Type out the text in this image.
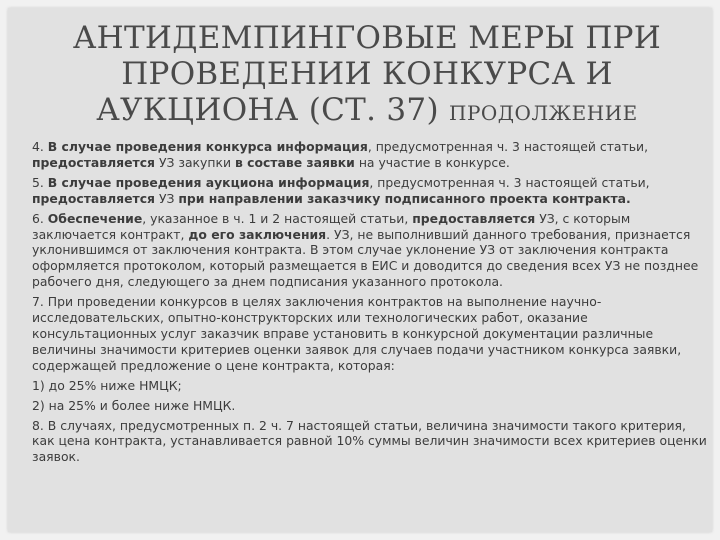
АНТИДЕМПИНГОВЫЕ МЕРЫ ПРИ
ПРОВЕДЕНИИ КОНКУРСА И
АУКЦИОНА (СТ. 37) ПРОДОЛЖЕНИЕ

4. В случае проведения конкурса информация, предусмотренная ч. 3 настоящей статьи, предоставляется УЗ закупки в составе заявки на участие в конкурсе.

5. В случае проведения аукциона информация, предусмотренная ч. 3 настоящей статьи, предоставляется УЗ при направлении заказчику подписанного проекта контракта.

6. Обеспечение, указанное в ч. 1 и 2 настоящей статьи, предоставляется УЗ, с которым заключается контракт, до его заключения. УЗ, не выполнивший данного требования, признается уклонившимся от заключения контракта. В этом случае уклонение УЗ от заключения контракта оформляется протоколом, который размещается в ЕИС и доводится до сведения всех УЗ не позднее рабочего дня, следующего за днем подписания указанного протокола.

7. При проведении конкурсов в целях заключения контрактов на выполнение научно-исследовательских, опытно-конструкторских или технологических работ, оказание консультационных услуг заказчик вправе установить в конкурсной документации различные величины значимости критериев оценки заявок для случаев подачи участником конкурса заявки, содержащей предложение о цене контракта, которая:

1) до 25% ниже НМЦК;

2) на 25% и более ниже НМЦК.

8. В случаях, предусмотренных п. 2 ч. 7 настоящей статьи, величина значимости такого критерия, как цена контракта, устанавливается равной 10% суммы величин значимости всех критериев оценки заявок.
